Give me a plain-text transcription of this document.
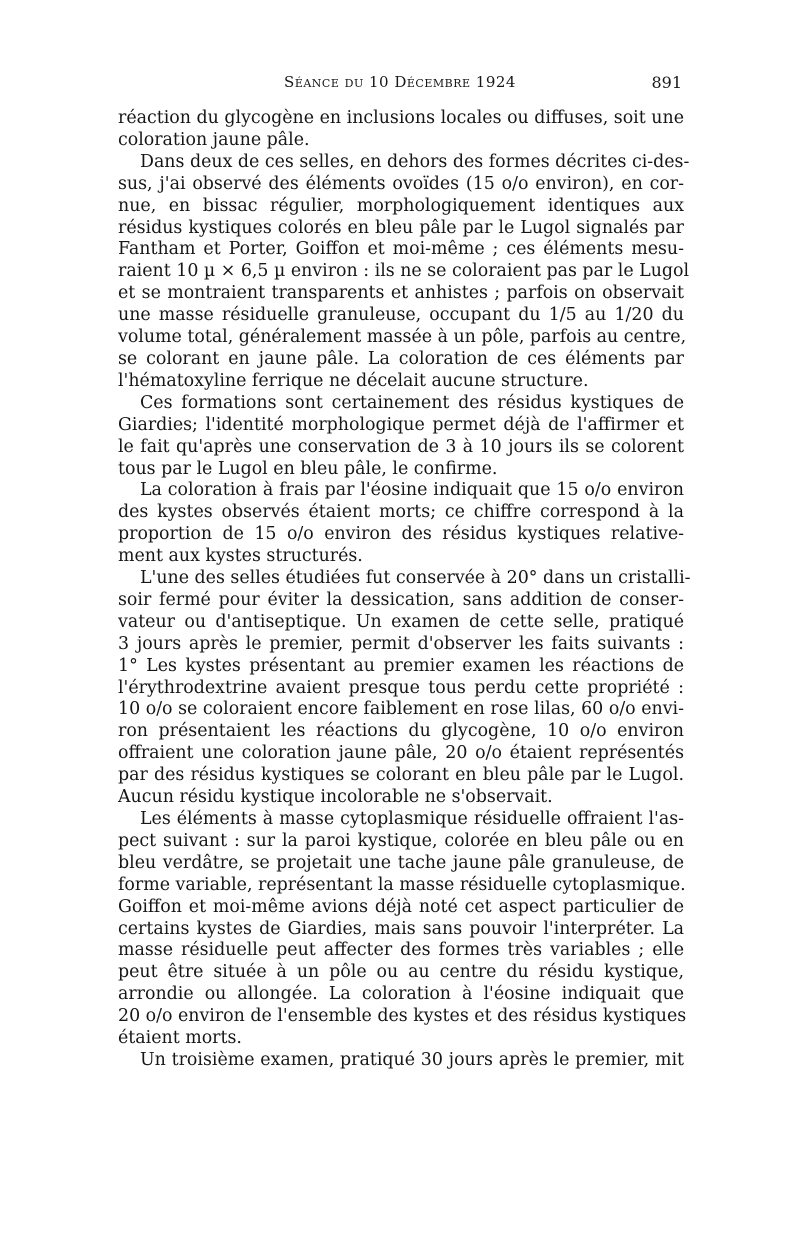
Séance du 10 Décembre 1924	891
réaction du glycogène en inclusions locales ou diffuses, soit une
coloration jaune pâle.
Dans deux de ces selles, en dehors des formes décrites ci-des-
sus, j'ai observé des éléments ovoïdes (15 o/o environ), en cor-
nue, en bissac régulier, morphologiquement identiques aux
résidus kystiques colorés en bleu pâle par le Lugol signalés par
Fantham et Porter, Goiffon et moi-même ; ces éléments mesu-
raient 10 µ × 6,5 µ environ : ils ne se coloraient pas par le Lugol
et se montraient transparents et anhistes ; parfois on observait
une masse résiduelle granuleuse, occupant du 1/5 au 1/20 du
volume total, généralement massée à un pôle, parfois au centre,
se colorant en jaune pâle. La coloration de ces éléments par
l'hématoxyline ferrique ne décelait aucune structure.
Ces formations sont certainement des résidus kystiques de
Giardies; l'identité morphologique permet déjà de l'affirmer et
le fait qu'après une conservation de 3 à 10 jours ils se colorent
tous par le Lugol en bleu pâle, le confirme.
La coloration à frais par l'éosine indiquait que 15 o/o environ
des kystes observés étaient morts; ce chiffre correspond à la
proportion de 15 o/o environ des résidus kystiques relative-
ment aux kystes structurés.
L'une des selles étudiées fut conservée à 20° dans un cristalli-
soir fermé pour éviter la dessication, sans addition de conser-
vateur ou d'antiseptique. Un examen de cette selle, pratiqué
3 jours après le premier, permit d'observer les faits suivants :
1° Les kystes présentant au premier examen les réactions de
l'érythrodextrine avaient presque tous perdu cette propriété :
10 o/o se coloraient encore faiblement en rose lilas, 60 o/o envi-
ron présentaient les réactions du glycogène, 10 o/o environ
offraient une coloration jaune pâle, 20 o/o étaient représentés
par des résidus kystiques se colorant en bleu pâle par le Lugol.
Aucun résidu kystique incolorable ne s'observait.
Les éléments à masse cytoplasmique résiduelle offraient l'as-
pect suivant : sur la paroi kystique, colorée en bleu pâle ou en
bleu verdâtre, se projetait une tache jaune pâle granuleuse, de
forme variable, représentant la masse résiduelle cytoplasmique.
Goiffon et moi-même avions déjà noté cet aspect particulier de
certains kystes de Giardies, mais sans pouvoir l'interpréter. La
masse résiduelle peut affecter des formes très variables ; elle
peut être située à un pôle ou au centre du résidu kystique,
arrondie ou allongée. La coloration à l'éosine indiquait que
20 o/o environ de l'ensemble des kystes et des résidus kystiques
étaient morts.
Un troisième examen, pratiqué 30 jours après le premier, mit
